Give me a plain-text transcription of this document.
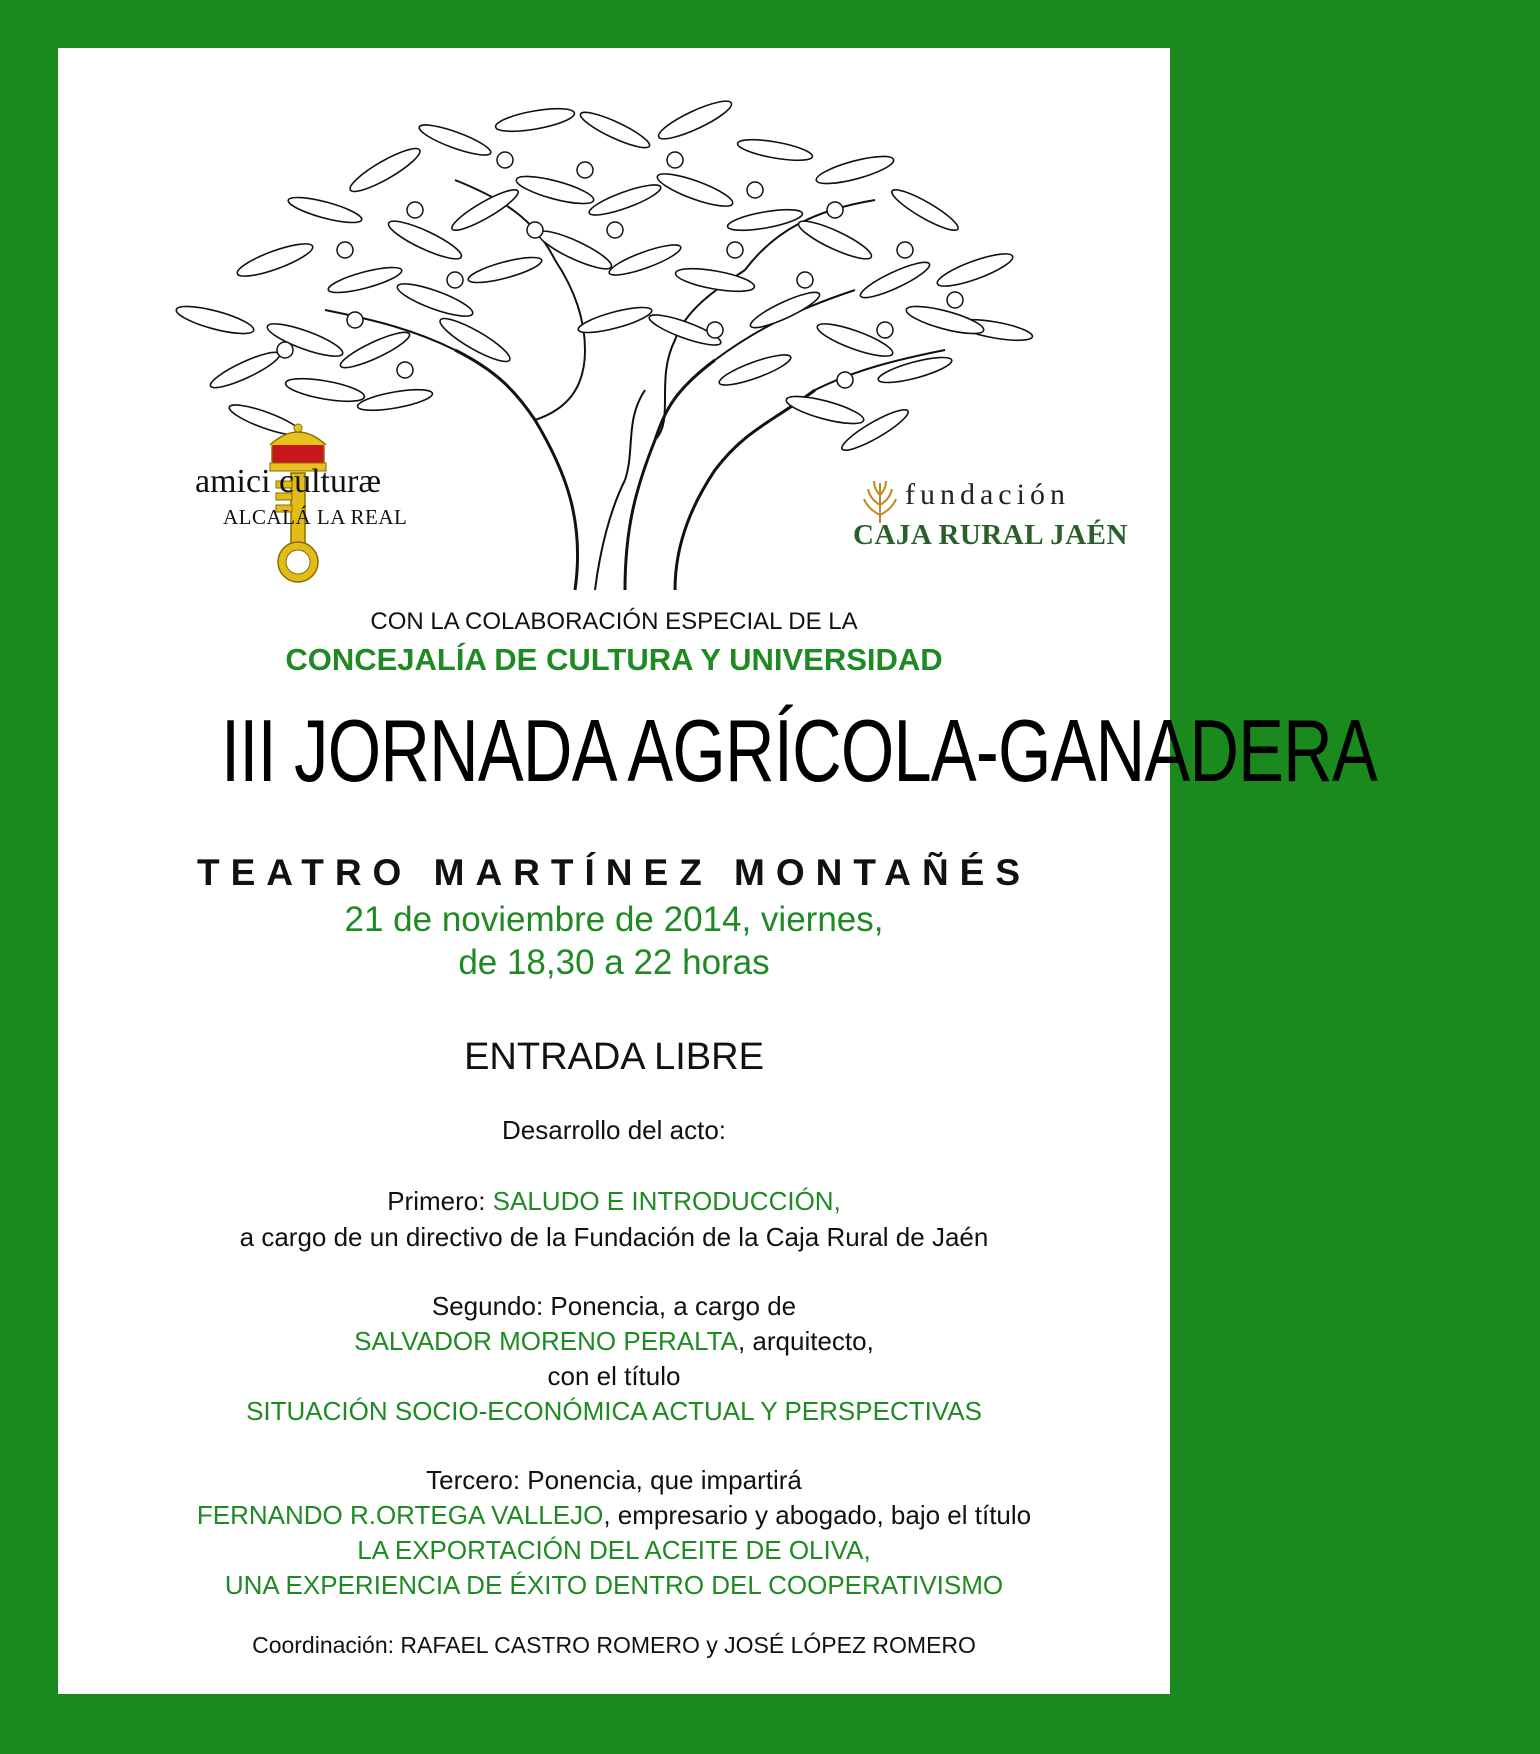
amici culturæ
ALCALÁ LA REAL
fundación
CAJA RURAL JAÉN
CON LA COLABORACIÓN ESPECIAL DE LA
CONCEJALÍA DE CULTURA Y UNIVERSIDAD
III JORNADA AGRÍCOLA-GANADERA
TEATRO MARTÍNEZ MONTAÑÉS
21 de noviembre de 2014, viernes,
de 18,30 a 22 horas
ENTRADA LIBRE
Desarrollo del acto:
Primero: SALUDO E INTRODUCCIÓN,
a cargo de un directivo de la Fundación de la Caja Rural de Jaén
Segundo: Ponencia, a cargo de
SALVADOR MORENO PERALTA, arquitecto,
con el título
SITUACIÓN SOCIO-ECONÓMICA ACTUAL Y PERSPECTIVAS
Tercero: Ponencia, que impartirá
FERNANDO R.ORTEGA VALLEJO, empresario y abogado, bajo el título
LA EXPORTACIÓN DEL ACEITE DE OLIVA,
UNA EXPERIENCIA DE ÉXITO DENTRO DEL COOPERATIVISMO
Coordinación: RAFAEL CASTRO ROMERO y JOSÉ LÓPEZ ROMERO
